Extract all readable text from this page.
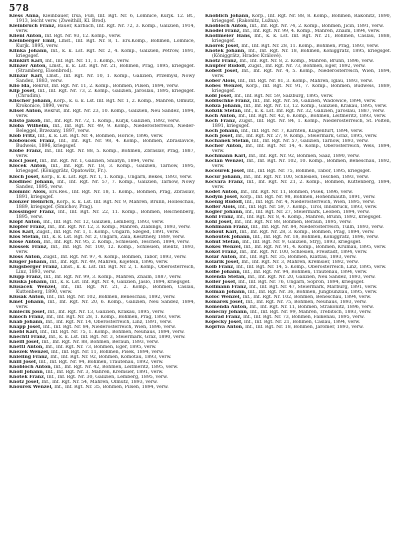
578
Kless Anna, Kleinbauer, Irsa, Fuß, Inf. Rgt. Nr. 6, Lomnice, Kurjk. 12. Bt., 1913, leicht verw. (Zweithill, Kl. Brod).
Kleinbruch Franz, Bauer, Karbach, Inf. Rgt. Nr. 72, 3. Komp., Galizien, 1914, verw.
Klienl Anton, Inf. Rgt. Nr. 93, 12. Komp., verw.
Kleinberger Emil, Lmst., Inf. Rgt. Nr. 8, 1. Ers.Komp., Böhmen, Lomnice, Kurjk. 1895, verw.
Klinka Johann, Inf., k. k. Lst. Rgt. Nr. 2, 4. Komp., Galizien, Petrow, 1891, kriegsgef.
Klinkirt Karl, Inf., Inf. Rgt. Nr. 11, 1. Komp., verw.
Klinzer Anton, Lmst., k. k. Lst. Rgt. Nr. 21, Böhmen, Prag, 1895, kriegsgef. (Stramberg, Eisenbrod).
Klinzar Karl, Lmst., Inf. Rgt. Nr. 10, 1. Komp., Galizien, Przemysl, Nowy Sandez, 1883, verw.
Klio Ida, Rekrut, Inf. Rgt. Nr. 11, 2. Komp., Böhmen, Pilsen, 1894, verw.
Klip Josef, Inf., Inf. Rgt. Nr. 73, 2. Komp., Galizien, Jaroslau, 1895, kriegsgef. (Chrudim).
Klischer Johann, Korp., k. u. k. Lst. Inf. Rgt. Nr. 1, 2. Komp., Mähren, Olmütz, Krokonice, 1890, verw.
Klisel Anton, Rekrut, Inf. Rgt. Nr. 23, 10. Komp., Galizien, Neu Sandez, 1894, verw.
Klisto Jakob, Inf., Inf. Rgt. Nr. 72, 1. Komp., Kurjk, Galizien, 1892, verw.
Kloba Wilhelm, Inf., Inf. Rgt. Nr. 49, 9. Komp., Niederösterreich, Nieder-Beleggel, Brzezany, 1897, verw.
Klob Fritz, Inf., k. k. Lst. Rgt. Nr. 4, Böhmen, Horice, 1896, verw.
Kloboucek Franz, Inf., Inf. Rgt. Nr. 98, 4. Komp., Böhmen, Zbraslavice, Budweis, 1896, kriegsgef.
Klobe Franz, Inf., Inf. Rgt. Nr. 88, 5. Komp., Böhmen, Zbraslav, Prag, 1887, verw.
Klocl Josef, Inf., Inf. Rgt. Nr. 1, Galizien, Sniatyn, 1894, verw.
Klocek Anton, Inf., Inf. Rgt. Nr. 18, 3. Komp., Galizien, Tarnow, 1895, kriegsgef. (Königgrätz, Opatowitz, Fr.).
Kloch Josef, Korp., k. k. Lst. Rgt. Nr. 1, 1. Komp., Ungarn, Bekes, 1893, verw.
Klodinec Johann, Inf., Inf. Rgt. Nr. 57, 7. Komp., Galizien, Tarnow, Nowy Sandez, 1895, verw.
Klomnic Alois, Ers.Res., Inf. Rgt. Nr. 18, 1. Komp., Böhmen, Prag, Zbraslav, 1891, kriegsgef.
Klonzer Heinrich, Korp., k. k. Lst. Inf. Rgt. Nr. 9, Mähren, Brünn, Holleschau, 1889, kriegsgef. (Smíchov, Prag).
Klossinger Franz, Inf., Inf. Rgt. Nr. 22, 11. Komp., Böhmen, Reichenberg, 1895, verw.
Klopf Anton, Inf., Inf. Rgt. Nr. 12, Galizien, Lemberg, 1893, verw.
Klopfer Franz, Inf., Inf. Rgt. Nr. 12, 3. Komp., Mähren, Zlabings, 1893, verw.
Klos Karl, Zugsf., Inf. Rgt. Nr. 1, 1. Komp., Ungarn, Szeged, 1891, verw.
Klos Stefan, Inf., k. k. Lst. Rgt. Nr. 2, Ungarn, Zala, Keszthely, 1889, verw.
Klose Anton, Inf., Inf. Rgt. Nr. 95, 2. Komp., Schlesien, Teschen, 1894, verw.
Klossek Franz, Inf., Inf. Rgt. Nr. 100, 12. Komp., Schlesien, Bielitz, 1893, verw.
Kloss Anton, Zugsf., Inf. Rgt. Nr. 97, 4. Komp., Böhmen, Tabor, 1893, verw.
Kluger Johann, Inf., Inf. Rgt. Nr. 49, Mähren, Kojetein, 1896, verw.
Klugsberger Franz, Lmst., k. k. Lst. Inf. Rgt. Nr. 2, 1. Komp., Oberösterreich, Linz, 1893, verw.
Klupp Franz, Inf., Inf. Rgt. Nr. 99, 3. Komp., Mähren, Znaim, 1887, verw.
Kluska Johann, Inf., k. k. Lst. Inf. Rgt. Nr. 4, Galizien, Jaslo, 1894, kriegsgef.
Klusacek Wenzel, Inf., Inf. Rgt. Nr. 21, 2. Komp., Böhmen, Caslau, Kuttenberg, 1890, verw.
Klusak Anton, Inf., Inf. Rgt. Nr. 102, Böhmen, Beneschau, 1892, verw.
Kmet Johann, Inf., Inf. Rgt. Nr. 20, 6. Komp., Galizien, Neu Sandez, 1894, verw.
Kmiecik Josef, Inf., Inf. Rgt. Nr. 13, Galizien, Krakau, 1895, verw.
Kmoch Franz, Inf., Inf. Rgt. Nr. 28, 1. Komp., Böhmen, Prag, 1893, verw.
Knab Johann, Inf., Inf. Rgt. Nr. 14, Oberösterreich, Linz, 1891, verw.
Knapp Josef, Inf., Inf. Rgt. Nr. 84, Niederösterreich, Wien, 1896, verw.
Knebl Karl, Inf., Inf. Rgt. Nr. 75, 1. Komp., Böhmen, Neuhaus, 1894, verw.
Knechtl Franz, Inf., k. k. Lst. Inf. Rgt. Nr. 3, Steiermark, Graz, 1890, verw.
Kneifl Josef, Inf., Inf. Rgt. Nr. 88, Böhmen, Beraun, 1893, verw.
Knettl Anton, Inf., Inf. Rgt. Nr. 73, Böhmen, Eger, 1895, verw.
Knezek Wenzel, Inf., Inf. Rgt. Nr. 11, Böhmen, Pisek, 1894, verw.
Knieling Franz, Inf., Inf. Rgt. Nr. 92, Böhmen, Komotau, 1893, verw.
Knill Josef, Inf., Inf. Rgt. Nr. 94, Böhmen, Trautenau, 1892, verw.
Knobloch Anton, Inf., Inf. Rgt. Nr. 42, Böhmen, Leitmeritz, 1895, verw.
Knoll Johann, Inf., Inf. Rgt. Nr. 3, Mähren, Kremsier, 1891, verw.
Knotek Franz, Inf., Inf. Rgt. Nr. 30, Galizien, Lemberg, 1895, verw.
Knotz Josef, Inf., Inf. Rgt. Nr. 54, Mähren, Olmütz, 1893, verw.
Knourek Wenzel, Inf., Inf. Rgt. Nr. 35, Böhmen, Pilsen, 1894, verw.
Knoblich Johann, Korp., Inf. Rgt. Nr. 88, 8. Komp., Böhmen, Rakonitz, 1890, kriegsgef. (Rakonitz, Lužna).
Knobloch Anton, Inf., Inf. Rgt. Nr. 74, 2. Komp., Böhmen, Jicin, 1891, verw.
Knodel Franz, Inf., Inf. Rgt. Nr. 99, 4. Komp., Mähren, Znaim, 1894, verw.
Knollmeier Hans, Inf., k. k. Lst. Inf. Rgt. Nr. 21, Böhmen, Caslau, 1888, kriegsgef.
Knorek Josef, Inf., Inf. Rgt. Nr. 28, 11. Komp., Böhmen, Prag, 1893, verw.
Knotek Johann, Inf., Inf. Rgt. Nr. 18, Böhmen, Königgrätz, 1895, kriegsgef. (Königgrätz, Hradec Králové).
Knotz Franz, Inf., Inf. Rgt. Nr. 8, 2. Komp., Mähren, Brünn, 1896, verw.
Knüpfer Rudolf, Zugsf., Inf. Rgt. Nr. 73, Böhmen, Eger, 1892, verw.
Kobelt Josef, Inf., Inf. Rgt. Nr. 4, 5. Komp., Niederösterreich, Wien, 1894, verw.
Kober Alois, Inf., Inf. Rgt. Nr. 81, 3. Komp., Mähren, Iglau, 1893, verw.
Kobes Wenzel, Korp., Inf. Rgt. Nr. 91, 7. Komp., Böhmen, Budweis, 1889, kriegsgef.
Kobl Josef, Inf., Inf. Rgt. Nr. 59, Salzburg, 1895, verw.
Koblischke Franz, Inf., Inf. Rgt. Nr. 56, Galizien, Wadowice, 1894, verw.
Kobza Johann, Inf., Inf. Rgt. Nr. 13, 12. Komp., Galizien, Krakau, 1895, verw.
Kobzik Stefan, Inf., k. k. Lst. Inf. Rgt. Nr. 32, Galizien, Jaroslau, 1887, verw.
Koch Anton, Inf., Inf. Rgt. Nr. 42, 6. Komp., Böhmen, Leitmeritz, 1893, verw.
Koch Franz, Zugsf., Inf. Rgt. Nr. 84, 1. Komp., Niederösterreich, St. Pölten, 1891, kriegsgef.
Koch Johann, Inf., Inf. Rgt. Nr. 7, Kärnten, Klagenfurt, 1894, verw.
Koch Josef, Inf., Inf. Rgt. Nr. 27, 9. Komp., Steiermark, Graz, 1895, verw.
Kochanek Stefan, Inf., Inf. Rgt. Nr. 57, Galizien, Tarnow, 1893, verw.
Kocher Anton, Inf., Inf. Rgt. Nr. 14, 4. Komp., Oberösterreich, Wels, 1894, verw.
Kochmann Karl, Inf., Inf. Rgt. Nr. 92, Böhmen, Saaz, 1890, verw.
Kocian Wenzel, Inf., Inf. Rgt. Nr. 102, 10. Komp., Böhmen, Beneschau, 1892, verw.
Kocourek Josef, Inf., Inf. Rgt. Nr. 75, Böhmen, Tabor, 1895, kriegsgef.
Kocur Johann, Inf., Inf. Rgt. Nr. 100, Schlesien, Teschen, 1893, verw.
Kocvara Franz, Inf., Inf. Rgt. Nr. 21, 2. Komp., Böhmen, Kuttenberg, 1894, verw.
Kodet Anton, Inf., Inf. Rgt. Nr. 11, Böhmen, Pisek, 1896, verw.
Kodym Josef, Korp., Inf. Rgt. Nr. 98, Böhmen, Hohenmauth, 1891, verw.
Koenig Rudolf, Inf., Inf. Rgt. Nr. 4, Niederösterreich, Wien, 1895, verw.
Kofler Alois, Inf., Inf. Rgt. Nr. 59, 7. Komp., Tirol, Innsbruck, 1893, verw.
Kogler Johann, Inf., Inf. Rgt. Nr. 27, Steiermark, Leoben, 1894, verw.
Kohl Franz, Inf., Inf. Rgt. Nr. 8, 4. Komp., Mähren, Brünn, 1892, kriegsgef.
Kohl Josef, Inf., Inf. Rgt. Nr. 88, Böhmen, Beraun, 1895, verw.
Kohlmann Franz, Inf., Inf. Rgt. Nr. 84, Niederösterreich, Tulln, 1893, verw.
Kohout Karl, Inf., Inf. Rgt. Nr. 28, 3. Komp., Böhmen, Prag, 1894, verw.
Kohoutek Johann, Inf., Inf. Rgt. Nr. 18, Böhmen, Königgrätz, 1896, verw.
Kohut Stefan, Inf., Inf. Rgt. Nr. 9, Galizien, Stryj, 1893, kriegsgef.
Kokes Wenzel, Inf., Inf. Rgt. Nr. 91, 4. Komp., Böhmen, Krumau, 1895, verw.
Kokot Franz, Inf., Inf. Rgt. Nr. 100, Schlesien, Freistadt, 1894, verw.
Kolar Anton, Inf., Inf. Rgt. Nr. 35, Böhmen, Klattau, 1893, verw.
Kolarik Josef, Inf., Inf. Rgt. Nr. 3, Mähren, Kremsier, 1892, verw.
Kolb Franz, Inf., Inf. Rgt. Nr. 14, 5. Komp., Oberösterreich, Linz, 1895, verw.
Kolbe Johann, Inf., Inf. Rgt. Nr. 94, Böhmen, Trautenau, 1894, verw.
Kolenda Stefan, Inf., Inf. Rgt. Nr. 20, Galizien, Neu Sandez, 1893, verw.
Koller Josef, Inf., Inf. Rgt. Nr. 76, Ungarn, Sopron, 1894, kriegsgef.
Kollmann Franz, Inf., Inf. Rgt. Nr. 47, Steiermark, Marburg, 1891, verw.
Kolman Johann, Inf., Inf. Rgt. Nr. 36, Böhmen, Jungbunzlau, 1895, verw.
Koloc Wenzel, Inf., Inf. Rgt. Nr. 102, Böhmen, Beneschau, 1894, verw.
Komarek Josef, Inf., Inf. Rgt. Nr. 75, Böhmen, Neuhaus, 1893, verw.
Komenda Anton, Inf., Inf. Rgt. Nr. 11, Böhmen, Strakonitz, 1896, verw.
Konecny Johann, Inf., Inf. Rgt. Nr. 99, Mähren, Trebitsch, 1893, verw.
Konrad Franz, Inf., Inf. Rgt. Nr. 73, Böhmen, Falkenau, 1895, verw.
Kopecky Josef, Inf., Inf. Rgt. Nr. 21, Böhmen, Caslau, 1894, verw.
Kopriva Anton, Inf., Inf. Rgt. Nr. 18, Böhmen, Jaromer, 1893, verw.
